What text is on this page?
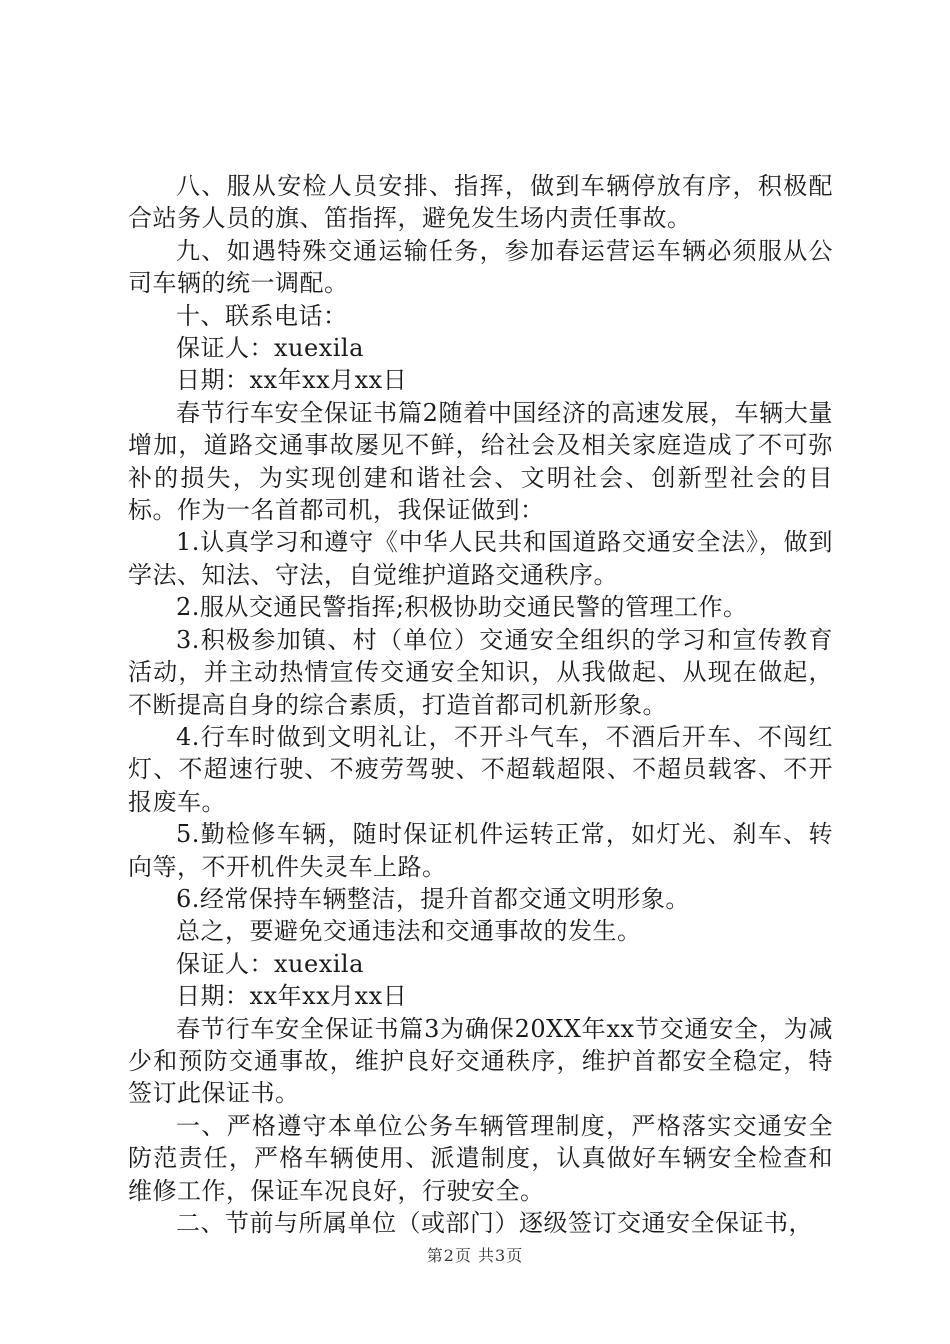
八、服从安检人员安排、指挥，做到车辆停放有序，积极配合站务人员的旗、笛指挥，避免发生场内责任事故。

九、如遇特殊交通运输任务，参加春运营运车辆必须服从公司车辆的统一调配。

十、联系电话：

保证人：xuexila

日期：xx年xx月xx日

春节行车安全保证书篇2随着中国经济的高速发展，车辆大量增加，道路交通事故屡见不鲜，给社会及相关家庭造成了不可弥补的损失，为实现创建和谐社会、文明社会、创新型社会的目标。作为一名首都司机，我保证做到：

1.认真学习和遵守《中华人民共和国道路交通安全法》，做到学法、知法、守法，自觉维护道路交通秩序。

2.服从交通民警指挥;积极协助交通民警的管理工作。

3.积极参加镇、村（单位）交通安全组织的学习和宣传教育活动，并主动热情宣传交通安全知识，从我做起、从现在做起，不断提高自身的综合素质，打造首都司机新形象。

4.行车时做到文明礼让，不开斗气车，不酒后开车、不闯红灯、不超速行驶、不疲劳驾驶、不超载超限、不超员载客、不开报废车。

5.勤检修车辆，随时保证机件运转正常，如灯光、刹车、转向等，不开机件失灵车上路。

6.经常保持车辆整洁，提升首都交通文明形象。

总之，要避免交通违法和交通事故的发生。

保证人：xuexila

日期：xx年xx月xx日

春节行车安全保证书篇3为确保20XX年xx节交通安全，为减少和预防交通事故，维护良好交通秩序，维护首都安全稳定，特签订此保证书。

一、严格遵守本单位公务车辆管理制度，严格落实交通安全防范责任，严格车辆使用、派遣制度，认真做好车辆安全检查和维修工作，保证车况良好，行驶安全。

二、节前与所属单位（或部门）逐级签订交通安全保证书，

第2页 共3页
